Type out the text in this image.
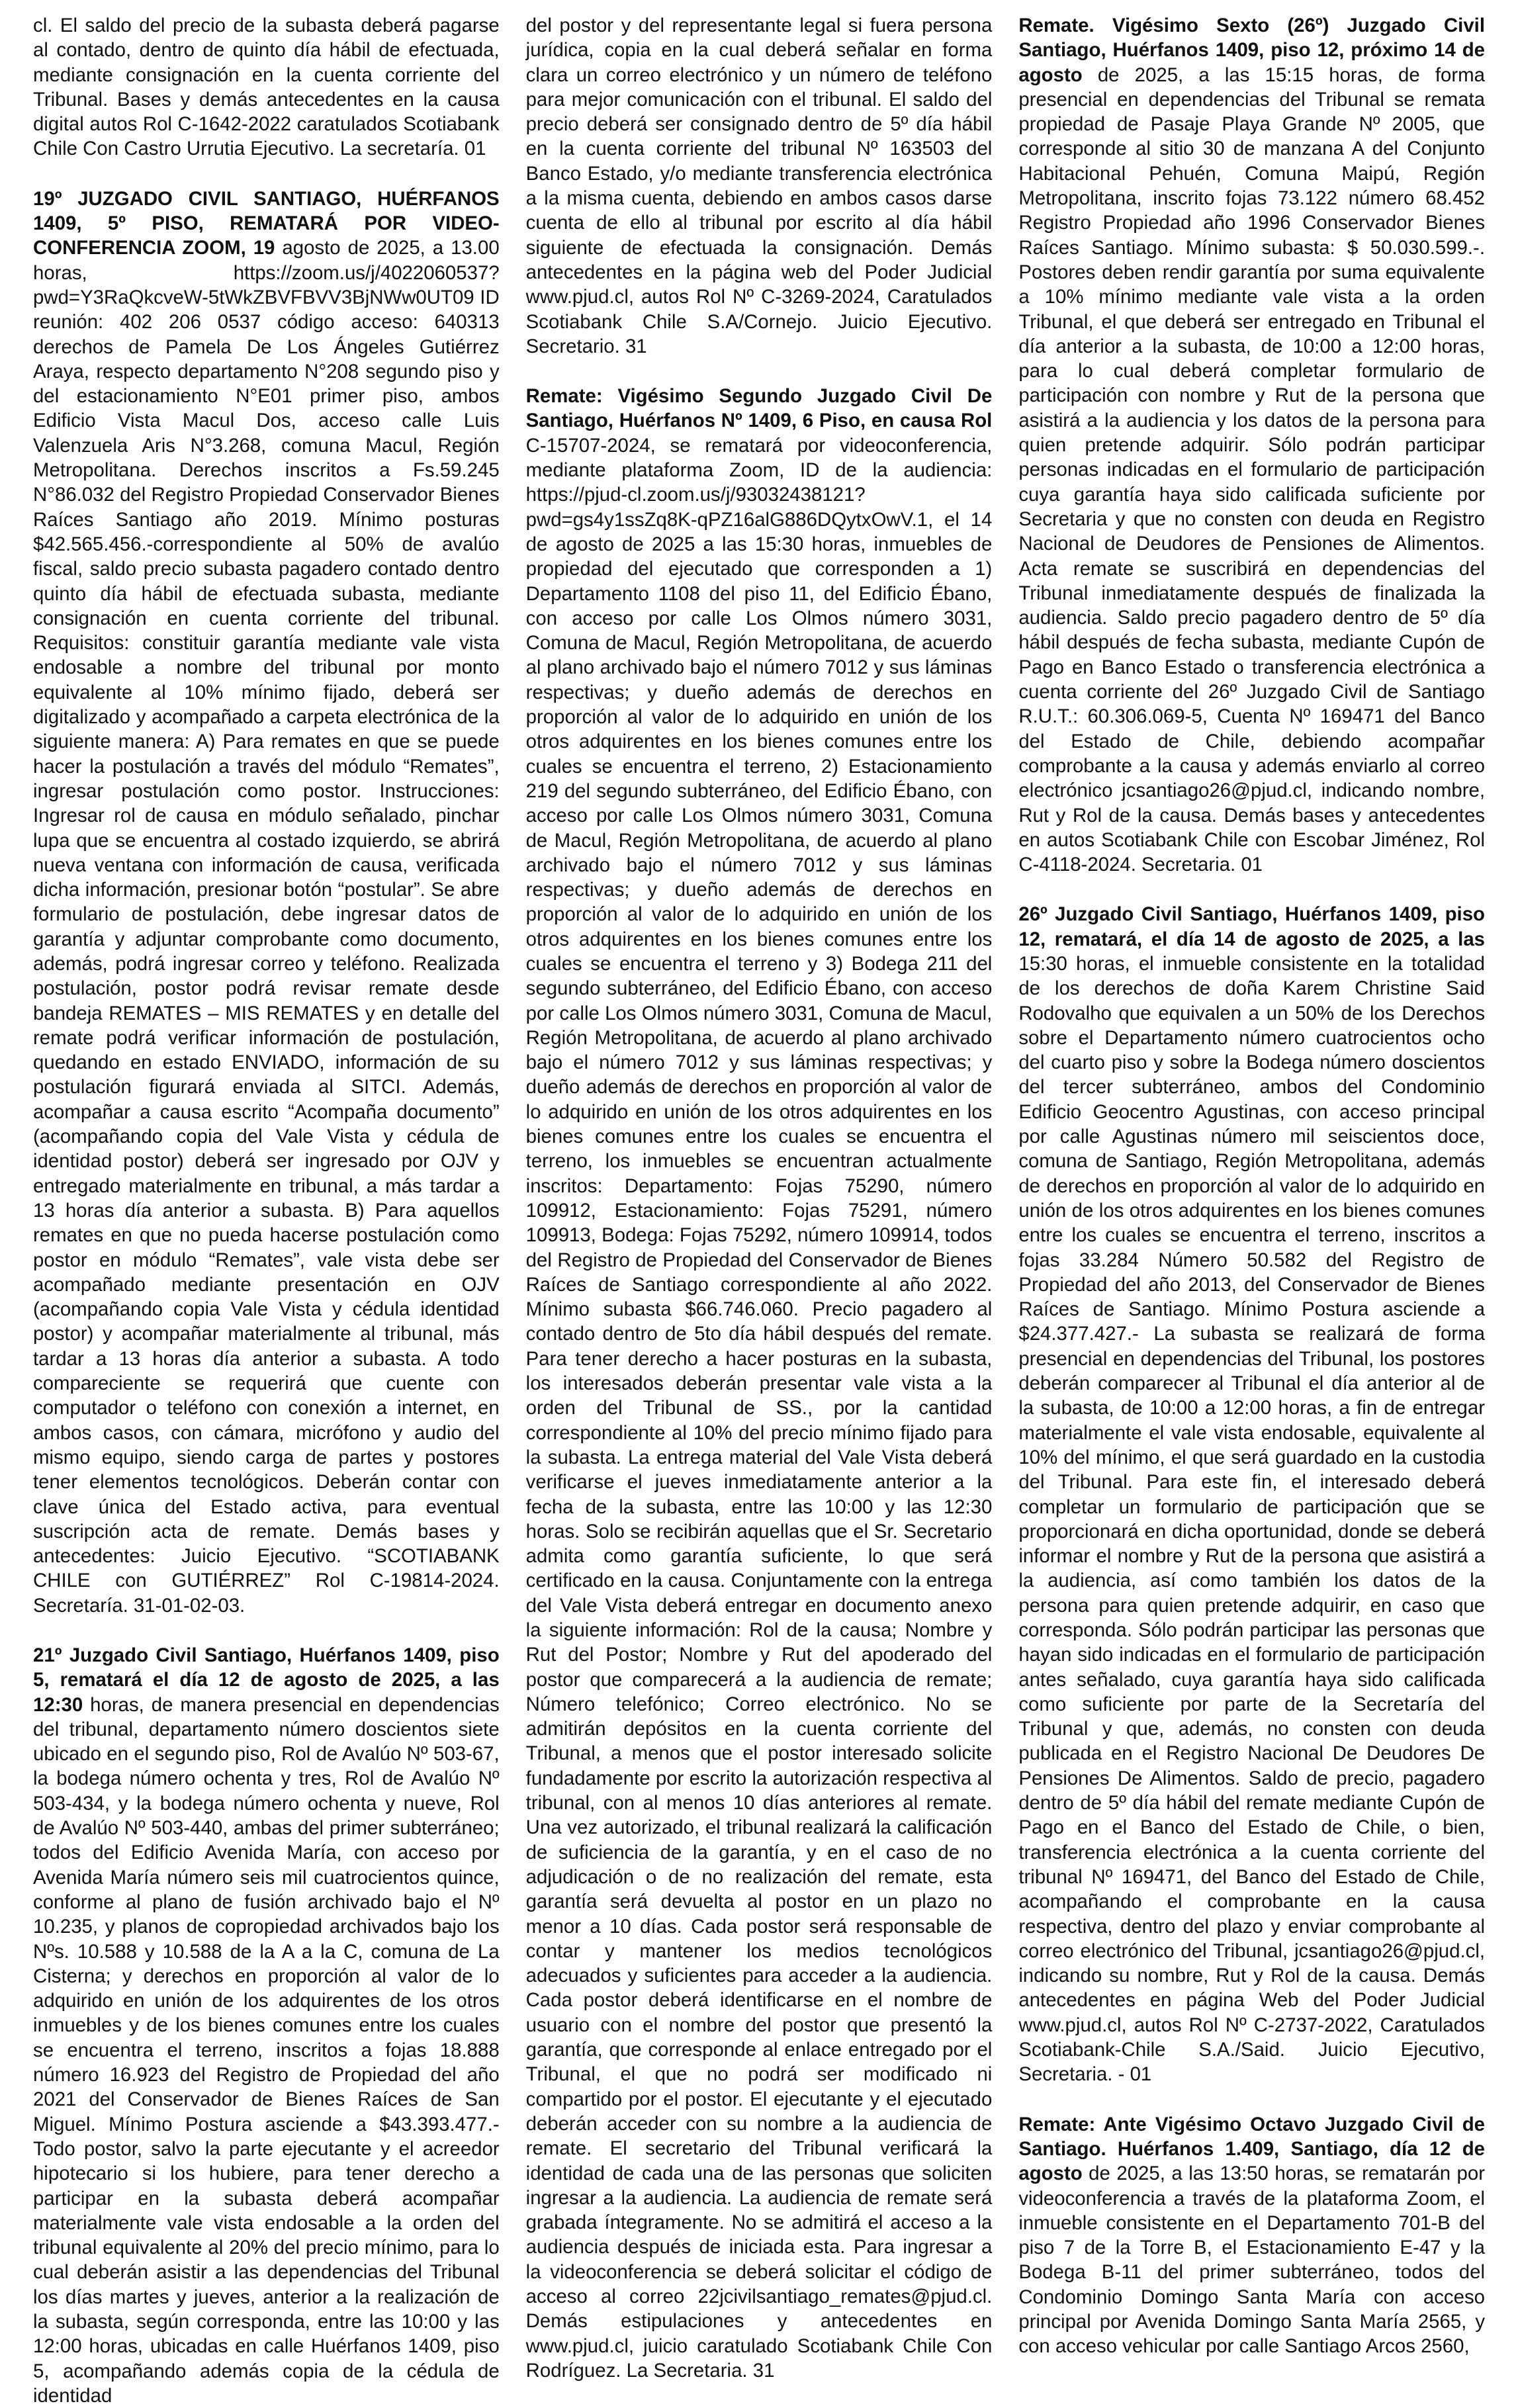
cl. El saldo del precio de la subasta deberá pagarse al contado, dentro de quinto día hábil de efectuada, mediante consignación en la cuenta corriente del Tribunal. Bases y demás antecedentes en la causa digital autos Rol C-1642-2022 caratulados Scotiabank Chile Con Castro Urrutia Ejecutivo. La secretaría. 01

19º JUZGADO CIVIL SANTIAGO, HUÉRFANOS 1409, 5º PISO, REMATARÁ POR VIDEO-CONFERENCIA ZOOM, 19 agosto de 2025, a 13.00 horas, https://zoom.us/j/4022060537?pwd=Y3RaQkcveW-5tWkZBVFBVV3BjNWw0UT09 ID reunión: 402 206 0537 código acceso: 640313 derechos de Pamela De Los Ángeles Gutiérrez Araya, respecto departamento N°208 segundo piso y del estacionamiento N°E01 primer piso, ambos Edificio Vista Macul Dos, acceso calle Luis Valenzuela Aris N°3.268, comuna Macul, Región Metropolitana. Derechos inscritos a Fs.59.245 N°86.032 del Registro Propiedad Conservador Bienes Raíces Santiago año 2019. Mínimo posturas $42.565.456.-correspondiente al 50% de avalúo fiscal, saldo precio subasta pagadero contado dentro quinto día hábil de efectuada subasta, mediante consignación en cuenta corriente del tribunal. Requisitos: constituir garantía mediante vale vista endosable a nombre del tribunal por monto equivalente al 10% mínimo fijado, deberá ser digitalizado y acompañado a carpeta electrónica de la siguiente manera: A) Para remates en que se puede hacer la postulación a través del módulo “Remates”, ingresar postulación como postor. Instrucciones: Ingresar rol de causa en módulo señalado, pinchar lupa que se encuentra al costado izquierdo, se abrirá nueva ventana con información de causa, verificada dicha información, presionar botón “postular”. Se abre formulario de postulación, debe ingresar datos de garantía y adjuntar comprobante como documento, además, podrá ingresar correo y teléfono. Realizada postulación, postor podrá revisar remate desde bandeja REMATES – MIS REMATES y en detalle del remate podrá verificar información de postulación, quedando en estado ENVIADO, información de su postulación figurará enviada al SITCI. Además, acompañar a causa escrito “Acompaña documento” (acompañando copia del Vale Vista y cédula de identidad postor) deberá ser ingresado por OJV y entregado materialmente en tribunal, a más tardar a 13 horas día anterior a subasta. B) Para aquellos remates en que no pueda hacerse postulación como postor en módulo “Remates”, vale vista debe ser acompañado mediante presentación en OJV (acompañando copia Vale Vista y cédula identidad postor) y acompañar materialmente al tribunal, más tardar a 13 horas día anterior a subasta. A todo compareciente se requerirá que cuente con computador o teléfono con conexión a internet, en ambos casos, con cámara, micrófono y audio del mismo equipo, siendo carga de partes y postores tener elementos tecnológicos. Deberán contar con clave única del Estado activa, para eventual suscripción acta de remate. Demás bases y antecedentes: Juicio Ejecutivo. “SCOTIABANK CHILE con GUTIÉRREZ” Rol C-19814-2024. Secretaría. 31-01-02-03.

21º Juzgado Civil Santiago, Huérfanos 1409, piso 5, rematará el día 12 de agosto de 2025, a las 12:30 horas, de manera presencial en dependencias del tribunal, departamento número doscientos siete ubicado en el segundo piso, Rol de Avalúo Nº 503-67, la bodega número ochenta y tres, Rol de Avalúo Nº 503-434, y la bodega número ochenta y nueve, Rol de Avalúo Nº 503-440, ambas del primer subterráneo; todos del Edificio Avenida María, con acceso por Avenida María número seis mil cuatrocientos quince, conforme al plano de fusión archivado bajo el Nº 10.235, y planos de copropiedad archivados bajo los Nºs. 10.588 y 10.588 de la A a la C, comuna de La Cisterna; y derechos en proporción al valor de lo adquirido en unión de los adquirentes de los otros inmuebles y de los bienes comunes entre los cuales se encuentra el terreno, inscritos a fojas 18.888 número 16.923 del Registro de Propiedad del año 2021 del Conservador de Bienes Raíces de San Miguel. Mínimo Postura asciende a $43.393.477.- Todo postor, salvo la parte ejecutante y el acreedor hipotecario si los hubiere, para tener derecho a participar en la subasta deberá acompañar materialmente vale vista endosable a la orden del tribunal equivalente al 20% del precio mínimo, para lo cual deberán asistir a las dependencias del Tribunal los días martes y jueves, anterior a la realización de la subasta, según corresponda, entre las 10:00 y las 12:00 horas, ubicadas en calle Huérfanos 1409, piso 5, acompañando además copia de la cédula de identidad

del postor y del representante legal si fuera persona jurídica, copia en la cual deberá señalar en forma clara un correo electrónico y un número de teléfono para mejor comunicación con el tribunal. El saldo del precio deberá ser consignado dentro de 5º día hábil en la cuenta corriente del tribunal Nº 163503 del Banco Estado, y/o mediante transferencia electrónica a la misma cuenta, debiendo en ambos casos darse cuenta de ello al tribunal por escrito al día hábil siguiente de efectuada la consignación. Demás antecedentes en la página web del Poder Judicial www.pjud.cl, autos Rol Nº C-3269-2024, Caratulados Scotiabank Chile S.A/Cornejo. Juicio Ejecutivo. Secretario. 31

Remate: Vigésimo Segundo Juzgado Civil De Santiago, Huérfanos Nº 1409, 6 Piso, en causa Rol C-15707-2024, se rematará por videoconferencia, mediante plataforma Zoom, ID de la audiencia: https://pjud-cl.zoom.us/j/93032438121?pwd=gs4y1ssZq8K-qPZ16alG886DQytxOwV.1, el 14 de agosto de 2025 a las 15:30 horas, inmuebles de propiedad del ejecutado que corresponden a 1) Departamento 1108 del piso 11, del Edificio Ébano, con acceso por calle Los Olmos número 3031, Comuna de Macul, Región Metropolitana, de acuerdo al plano archivado bajo el número 7012 y sus láminas respectivas; y dueño además de derechos en proporción al valor de lo adquirido en unión de los otros adquirentes en los bienes comunes entre los cuales se encuentra el terreno, 2) Estacionamiento 219 del segundo subterráneo, del Edificio Ébano, con acceso por calle Los Olmos número 3031, Comuna de Macul, Región Metropolitana, de acuerdo al plano archivado bajo el número 7012 y sus láminas respectivas; y dueño además de derechos en proporción al valor de lo adquirido en unión de los otros adquirentes en los bienes comunes entre los cuales se encuentra el terreno y 3) Bodega 211 del segundo subterráneo, del Edificio Ébano, con acceso por calle Los Olmos número 3031, Comuna de Macul, Región Metropolitana, de acuerdo al plano archivado bajo el número 7012 y sus láminas respectivas; y dueño además de derechos en proporción al valor de lo adquirido en unión de los otros adquirentes en los bienes comunes entre los cuales se encuentra el terreno, los inmuebles se encuentran actualmente inscritos: Departamento: Fojas 75290, número 109912, Estacionamiento: Fojas 75291, número 109913, Bodega: Fojas 75292, número 109914, todos del Registro de Propiedad del Conservador de Bienes Raíces de Santiago correspondiente al año 2022. Mínimo subasta $66.746.060. Precio pagadero al contado dentro de 5to día hábil después del remate. Para tener derecho a hacer posturas en la subasta, los interesados deberán presentar vale vista a la orden del Tribunal de SS., por la cantidad correspondiente al 10% del precio mínimo fijado para la subasta. La entrega material del Vale Vista deberá verificarse el jueves inmediatamente anterior a la fecha de la subasta, entre las 10:00 y las 12:30 horas. Solo se recibirán aquellas que el Sr. Secretario admita como garantía suficiente, lo que será certificado en la causa. Conjuntamente con la entrega del Vale Vista deberá entregar en documento anexo la siguiente información: Rol de la causa; Nombre y Rut del Postor; Nombre y Rut del apoderado del postor que comparecerá a la audiencia de remate; Número telefónico; Correo electrónico. No se admitirán depósitos en la cuenta corriente del Tribunal, a menos que el postor interesado solicite fundadamente por escrito la autorización respectiva al tribunal, con al menos 10 días anteriores al remate. Una vez autorizado, el tribunal realizará la calificación de suficiencia de la garantía, y en el caso de no adjudicación o de no realización del remate, esta garantía será devuelta al postor en un plazo no menor a 10 días. Cada postor será responsable de contar y mantener los medios tecnológicos adecuados y suficientes para acceder a la audiencia. Cada postor deberá identificarse en el nombre de usuario con el nombre del postor que presentó la garantía, que corresponde al enlace entregado por el Tribunal, el que no podrá ser modificado ni compartido por el postor. El ejecutante y el ejecutado deberán acceder con su nombre a la audiencia de remate. El secretario del Tribunal verificará la identidad de cada una de las personas que soliciten ingresar a la audiencia. La audiencia de remate será grabada íntegramente. No se admitirá el acceso a la audiencia después de iniciada esta. Para ingresar a la videoconferencia se deberá solicitar el código de acceso al correo 22jcivilsantiago_remates@pjud.cl. Demás estipulaciones y antecedentes en www.pjud.cl, juicio caratulado Scotiabank Chile Con Rodríguez. La Secretaria. 31

Remate. Vigésimo Sexto (26º) Juzgado Civil Santiago, Huérfanos 1409, piso 12, próximo 14 de agosto de 2025, a las 15:15 horas, de forma presencial en dependencias del Tribunal se remata propiedad de Pasaje Playa Grande Nº 2005, que corresponde al sitio 30 de manzana A del Conjunto Habitacional Pehuén, Comuna Maipú, Región Metropolitana, inscrito fojas 73.122 número 68.452 Registro Propiedad año 1996 Conservador Bienes Raíces Santiago. Mínimo subasta: $ 50.030.599.-. Postores deben rendir garantía por suma equivalente a 10% mínimo mediante vale vista a la orden Tribunal, el que deberá ser entregado en Tribunal el día anterior a la subasta, de 10:00 a 12:00 horas, para lo cual deberá completar formulario de participación con nombre y Rut de la persona que asistirá a la audiencia y los datos de la persona para quien pretende adquirir. Sólo podrán participar personas indicadas en el formulario de participación cuya garantía haya sido calificada suficiente por Secretaria y que no consten con deuda en Registro Nacional de Deudores de Pensiones de Alimentos. Acta remate se suscribirá en dependencias del Tribunal inmediatamente después de finalizada la audiencia. Saldo precio pagadero dentro de 5º día hábil después de fecha subasta, mediante Cupón de Pago en Banco Estado o transferencia electrónica a cuenta corriente del 26º Juzgado Civil de Santiago R.U.T.: 60.306.069-5, Cuenta Nº 169471 del Banco del Estado de Chile, debiendo acompañar comprobante a la causa y además enviarlo al correo electrónico jcsantiago26@pjud.cl, indicando nombre, Rut y Rol de la causa. Demás bases y antecedentes en autos Scotiabank Chile con Escobar Jiménez, Rol C-4118-2024. Secretaria. 01

26º Juzgado Civil Santiago, Huérfanos 1409, piso 12, rematará, el día 14 de agosto de 2025, a las 15:30 horas, el inmueble consistente en la totalidad de los derechos de doña Karem Christine Said Rodovalho que equivalen a un 50% de los Derechos sobre el Departamento número cuatrocientos ocho del cuarto piso y sobre la Bodega número doscientos del tercer subterráneo, ambos del Condominio Edificio Geocentro Agustinas, con acceso principal por calle Agustinas número mil seiscientos doce, comuna de Santiago, Región Metropolitana, además de derechos en proporción al valor de lo adquirido en unión de los otros adquirentes en los bienes comunes entre los cuales se encuentra el terreno, inscritos a fojas 33.284 Número 50.582 del Registro de Propiedad del año 2013, del Conservador de Bienes Raíces de Santiago. Mínimo Postura asciende a $24.377.427.- La subasta se realizará de forma presencial en dependencias del Tribunal, los postores deberán comparecer al Tribunal el día anterior al de la subasta, de 10:00 a 12:00 horas, a fin de entregar materialmente el vale vista endosable, equivalente al 10% del mínimo, el que será guardado en la custodia del Tribunal. Para este fin, el interesado deberá completar un formulario de participación que se proporcionará en dicha oportunidad, donde se deberá informar el nombre y Rut de la persona que asistirá a la audiencia, así como también los datos de la persona para quien pretende adquirir, en caso que corresponda. Sólo podrán participar las personas que hayan sido indicadas en el formulario de participación antes señalado, cuya garantía haya sido calificada como suficiente por parte de la Secretaría del Tribunal y que, además, no consten con deuda publicada en el Registro Nacional De Deudores De Pensiones De Alimentos. Saldo de precio, pagadero dentro de 5º día hábil del remate mediante Cupón de Pago en el Banco del Estado de Chile, o bien, transferencia electrónica a la cuenta corriente del tribunal Nº 169471, del Banco del Estado de Chile, acompañando el comprobante en la causa respectiva, dentro del plazo y enviar comprobante al correo electrónico del Tribunal, jcsantiago26@pjud.cl, indicando su nombre, Rut y Rol de la causa. Demás antecedentes en página Web del Poder Judicial www.pjud.cl, autos Rol Nº C-2737-2022, Caratulados Scotiabank-Chile S.A./Said. Juicio Ejecutivo, Secretaria. - 01

Remate: Ante Vigésimo Octavo Juzgado Civil de Santiago. Huérfanos 1.409, Santiago, día 12 de agosto de 2025, a las 13:50 horas, se rematarán por videoconferencia a través de la plataforma Zoom, el inmueble consistente en el Departamento 701-B del piso 7 de la Torre B, el Estacionamiento E-47 y la Bodega B-11 del primer subterráneo, todos del Condominio Domingo Santa María con acceso principal por Avenida Domingo Santa María 2565, y con acceso vehicular por calle Santiago Arcos 2560,
